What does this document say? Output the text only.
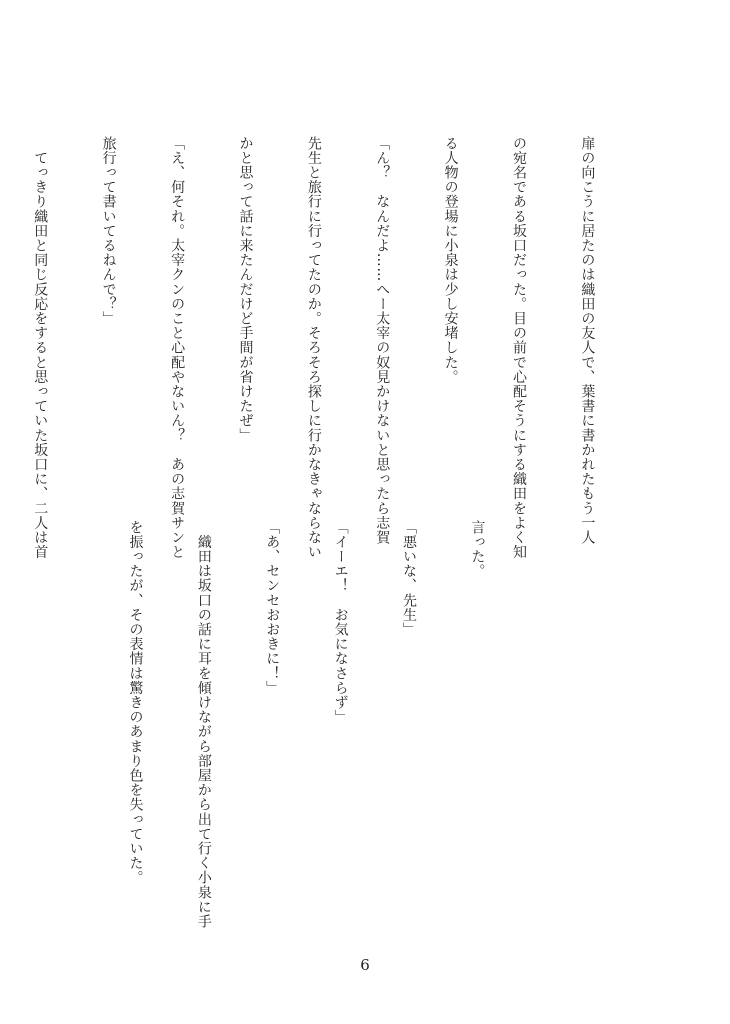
扉の向こうに居たのは織田の友人で、葉書に書かれたもう一人

の宛名である坂口だった。目の前で心配そうにする織田をよく知

る人物の登場に小泉は少し安堵した。

「ん？　なんだよ……へー太宰の奴見かけないと思ったら志賀

先生と旅行に行ってたのか。そろそろ探しに行かなきゃならない

かと思って話に来たんだけど手間が省けたぜ」

「え、何それ。太宰クンのこと心配やないん？　あの志賀サンと

旅行って書いてるねんで？」

　てっきり織田と同じ反応をすると思っていた坂口に、二人は首

	言った。

「悪いな、先生」

「イーエ！　お気になさらず」

「あ、センセおおきに！」

　織田は坂口の話に耳を傾けながら部屋から出て行く小泉に手

を振ったが、その表情は驚きのあまり色を失っていた。

6
